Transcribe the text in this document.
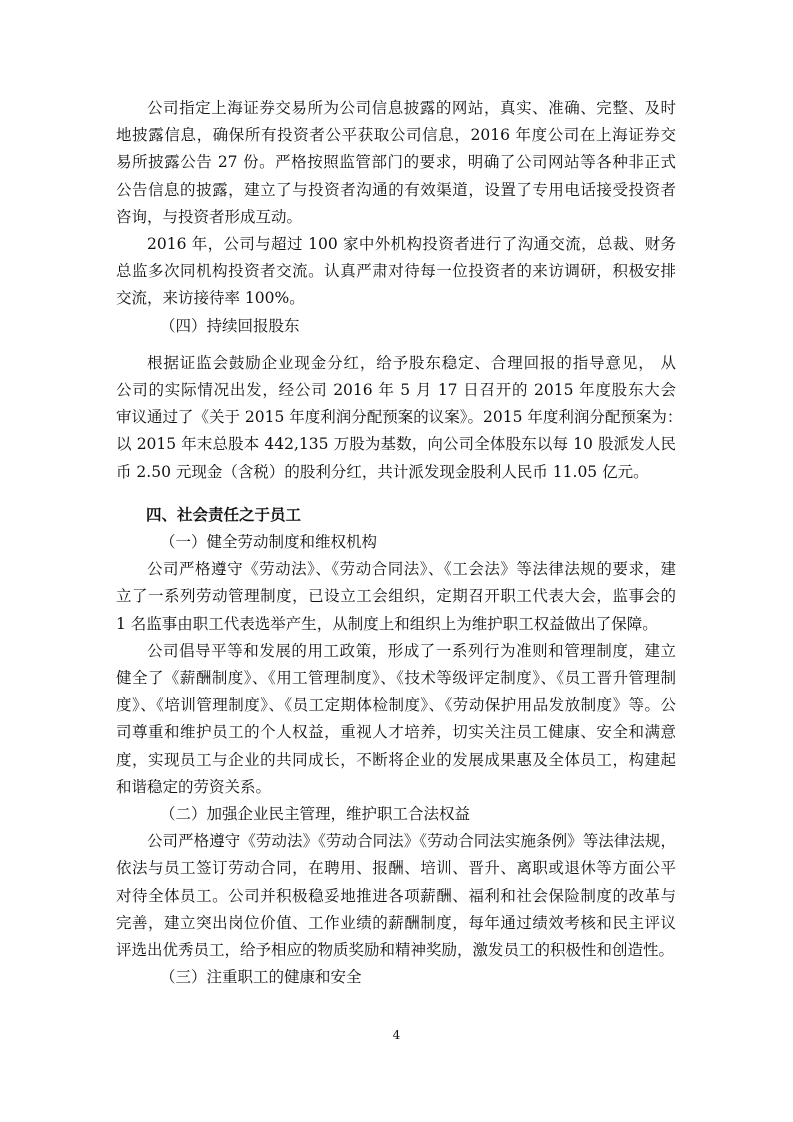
公司指定上海证券交易所为公司信息披露的网站，真实、准确、完整、及时
地披露信息，确保所有投资者公平获取公司信息，2016 年度公司在上海证券交
易所披露公告 27 份。严格按照监管部门的要求，明确了公司网站等各种非正式
公告信息的披露，建立了与投资者沟通的有效渠道，设置了专用电话接受投资者
咨询，与投资者形成互动。
2016 年，公司与超过 100 家中外机构投资者进行了沟通交流，总裁、财务
总监多次同机构投资者交流。认真严肃对待每一位投资者的来访调研，积极安排
交流，来访接待率 100%。

（四）持续回报股东

根据证监会鼓励企业现金分红，给予股东稳定、合理回报的指导意见， 从
公司的实际情况出发，经公司 2016 年 5 月 17 日召开的 2015 年度股东大会
审议通过了《关于 2015 年度利润分配预案的议案》。2015 年度利润分配预案为：
以 2015 年末总股本 442,135 万股为基数，向公司全体股东以每 10 股派发人民
币 2.50 元现金（含税）的股利分红，共计派发现金股利人民币 11.05 亿元。

四、社会责任之于员工

（一）健全劳动制度和维权机构

公司严格遵守《劳动法》、《劳动合同法》、《工会法》等法律法规的要求，建
立了一系列劳动管理制度，已设立工会组织，定期召开职工代表大会，监事会的
1 名监事由职工代表选举产生，从制度上和组织上为维护职工权益做出了保障。
公司倡导平等和发展的用工政策，形成了一系列行为准则和管理制度，建立
健全了《薪酬制度》、《用工管理制度》、《技术等级评定制度》、《员工晋升管理制
度》、《培训管理制度》、《员工定期体检制度》、《劳动保护用品发放制度》等。公
司尊重和维护员工的个人权益，重视人才培养，切实关注员工健康、安全和满意
度，实现员工与企业的共同成长，不断将企业的发展成果惠及全体员工，构建起
和谐稳定的劳资关系。

（二）加强企业民主管理，维护职工合法权益

公司严格遵守《劳动法》《劳动合同法》《劳动合同法实施条例》等法律法规，
依法与员工签订劳动合同，在聘用、报酬、培训、晋升、离职或退休等方面公平
对待全体员工。公司并积极稳妥地推进各项薪酬、福利和社会保险制度的改革与
完善，建立突出岗位价值、工作业绩的薪酬制度，每年通过绩效考核和民主评议
评选出优秀员工，给予相应的物质奖励和精神奖励，激发员工的积极性和创造性。

（三）注重职工的健康和安全

4
